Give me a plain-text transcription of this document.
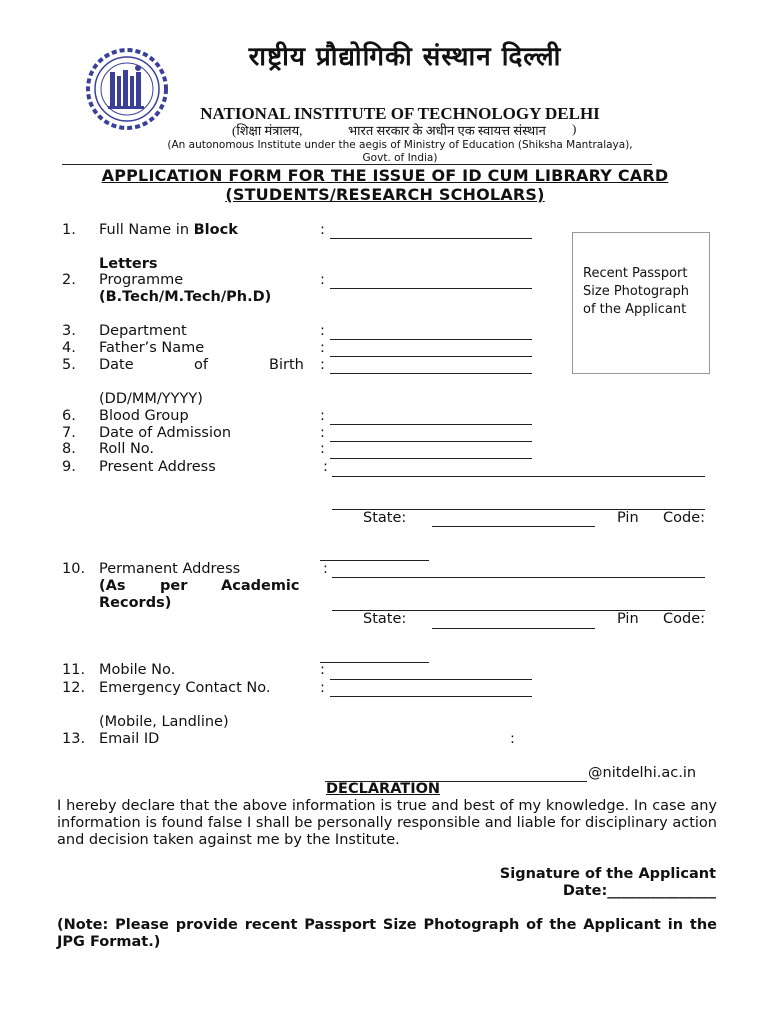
राष्ट्रीय प्रौद्योगिकी संस्थान दिल्ली
NATIONAL INSTITUTE OF TECHNOLOGY DELHI
(शिक्षा मंत्रालय,	भारत सरकार के अधीन एक स्वायत्त संस्थान )
(An autonomous Institute under the aegis of Ministry of Education (Shiksha Mantralaya), Govt. of India)
APPLICATION FORM FOR THE ISSUE OF ID CUM LIBRARY CARD
(STUDENTS/RESEARCH SCHOLARS)
Recent Passport Size Photograph of the Applicant
1.	Full Name in Block
Letters
:
2.	Programme
(B.Tech/M.Tech/Ph.D)
:
3.	Department	:
4.	Father’s Name	:
5.	Date	of	Birth
(DD/MM/YYYY)
:
6.	Blood Group	:
7.	Date of Admission	:
8.	Roll No.	:
9.	Present Address	:
State:	Pin Code:
10. Permanent Address
(As per Academic
Records)
:
State:	Pin Code:
11. Mobile No.	:
12. Emergency Contact No.
(Mobile, Landline)
:
13. Email ID	:
@nitdelhi.ac.in
DECLARATION
I hereby declare that the above information is true and best of my knowledge. In case any information is found false I shall be personally responsible and liable for disciplinary action and decision taken against me by the Institute.
Signature of the Applicant
Date:_______________
(Note: Please provide recent Passport Size Photograph of the Applicant in the JPG Format.)
